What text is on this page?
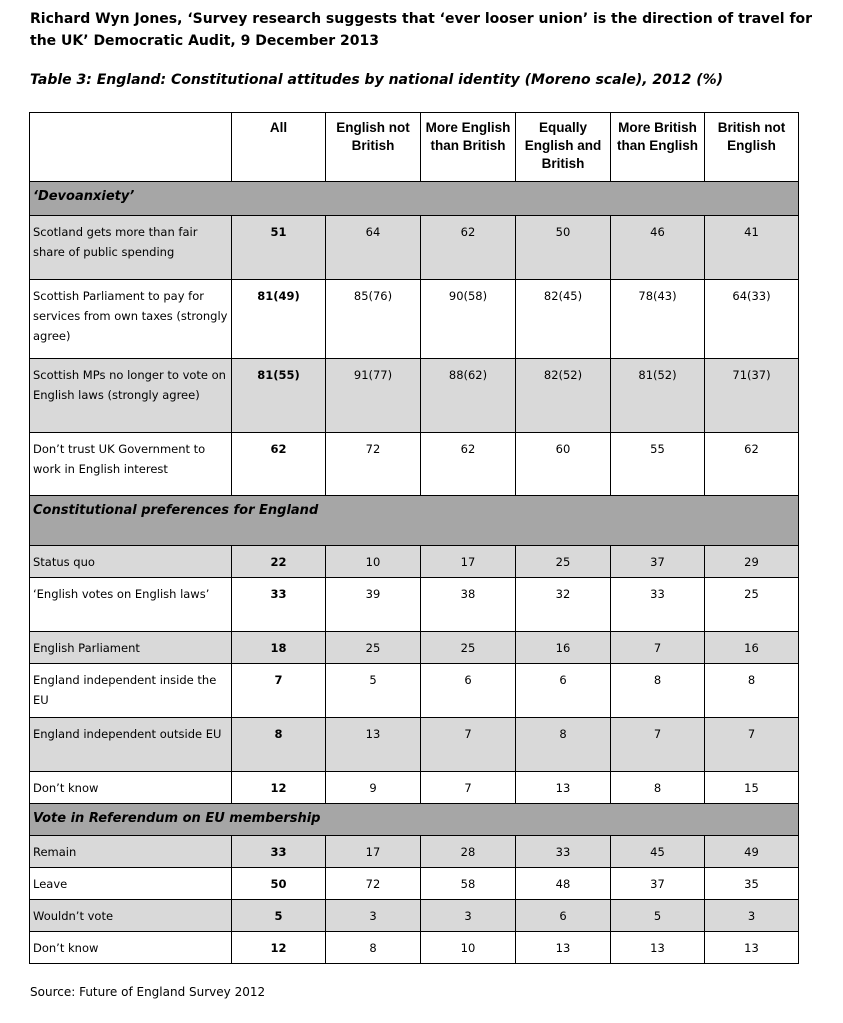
Richard Wyn Jones, ‘Survey research suggests that ‘ever looser union’ is the direction of travel for the UK’ Democratic Audit, 9 December 2013
Table 3: England: Constitutional attitudes by national identity (Moreno scale), 2012 (%)
	All	English not British	More English than British	Equally English and British	More British than English	British not English
‘Devoanxiety’						
Scotland gets more than fair share of public spending	51	64	62	50	46	41
Scottish Parliament to pay for services from own taxes (strongly agree)	81(49)	85(76)	90(58)	82(45)	78(43)	64(33)
Scottish MPs no longer to vote on English laws (strongly agree)	81(55)	91(77)	88(62)	82(52)	81(52)	71(37)
Don’t trust UK Government to work in English interest	62	72	62	60	55	62
Constitutional preferences for England						
Status quo	22	10	17	25	37	29
‘English votes on English laws’	33	39	38	32	33	25
English Parliament	18	25	25	16	7	16
England independent inside the EU	7	5	6	6	8	8
England independent outside EU	8	13	7	8	7	7
Don’t know	12	9	7	13	8	15
Vote in Referendum on EU membership						
Remain	33	17	28	33	45	49
Leave	50	72	58	48	37	35
Wouldn’t vote	5	3	3	6	5	3
Don’t know	12	8	10	13	13	13
Source: Future of England Survey 2012
